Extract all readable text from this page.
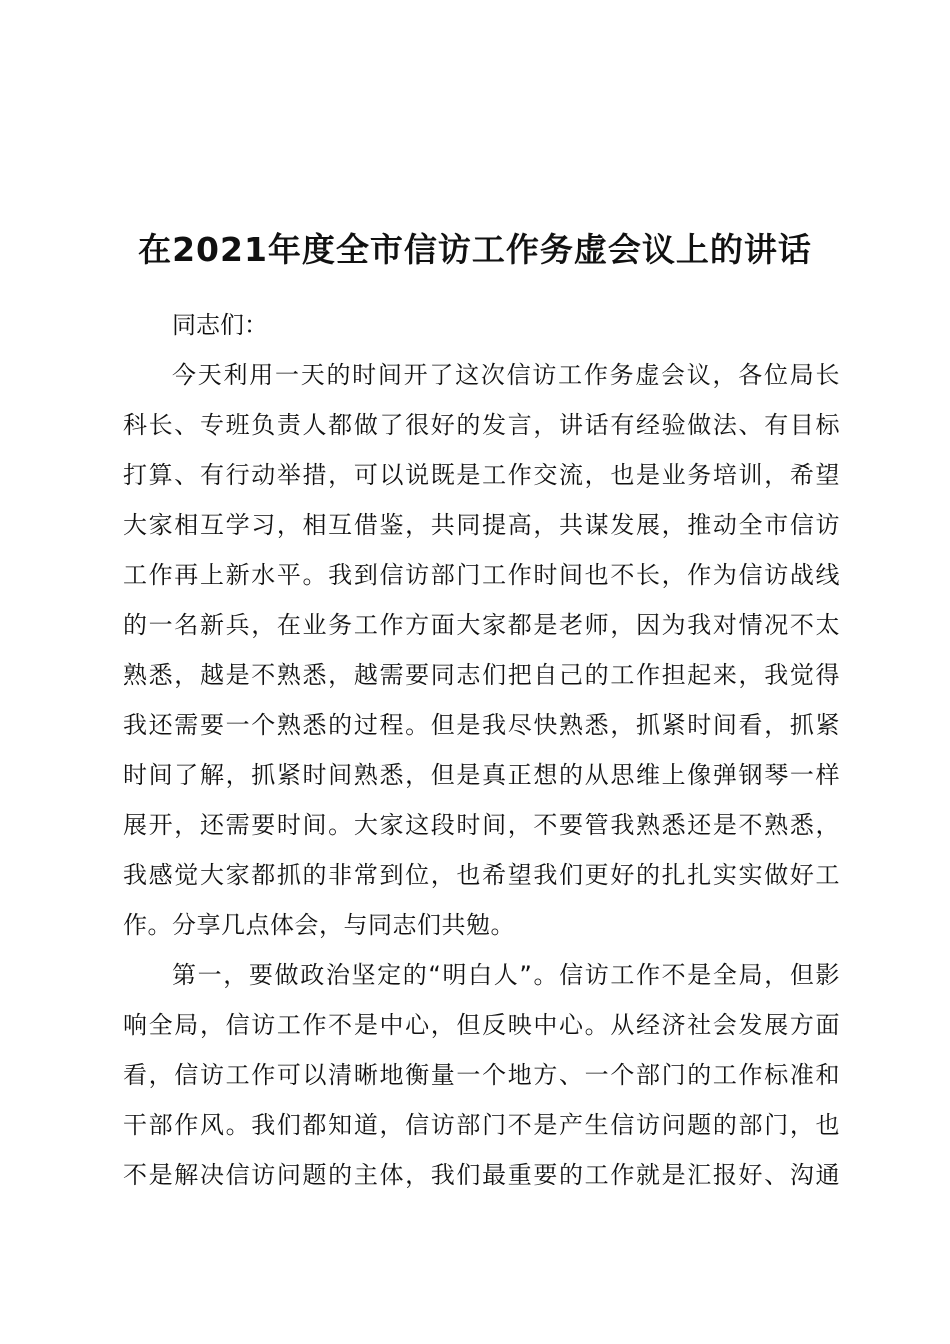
在2021年度全市信访工作务虚会议上的讲话
同志们：
今天利用一天的时间开了这次信访工作务虚会议，各位局长
科长、专班负责人都做了很好的发言，讲话有经验做法、有目标
打算、有行动举措，可以说既是工作交流，也是业务培训，希望
大家相互学习，相互借鉴，共同提高，共谋发展，推动全市信访
工作再上新水平。我到信访部门工作时间也不长，作为信访战线
的一名新兵，在业务工作方面大家都是老师，因为我对情况不太
熟悉，越是不熟悉，越需要同志们把自己的工作担起来，我觉得
我还需要一个熟悉的过程。但是我尽快熟悉，抓紧时间看，抓紧
时间了解，抓紧时间熟悉，但是真正想的从思维上像弹钢琴一样
展开，还需要时间。大家这段时间，不要管我熟悉还是不熟悉，
我感觉大家都抓的非常到位，也希望我们更好的扎扎实实做好工
作。分享几点体会，与同志们共勉。
第一，要做政治坚定的“明白人”。信访工作不是全局，但影
响全局，信访工作不是中心，但反映中心。从经济社会发展方面
看，信访工作可以清晰地衡量一个地方、一个部门的工作标准和
干部作风。我们都知道，信访部门不是产生信访问题的部门，也
不是解决信访问题的主体，我们最重要的工作就是汇报好、沟通
